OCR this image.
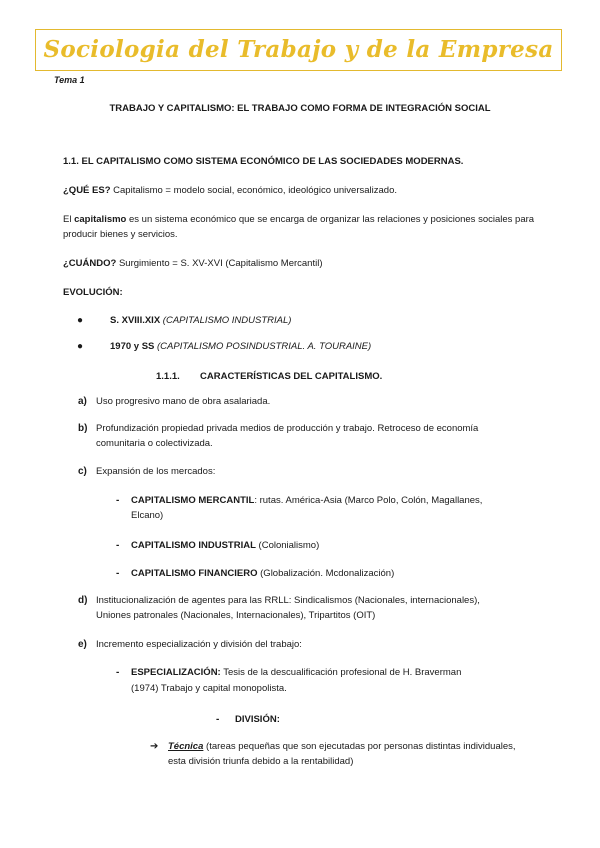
Sociologia del Trabajo y de la Empresa
Tema 1
TRABAJO Y CAPITALISMO: EL TRABAJO COMO FORMA DE INTEGRACIÓN SOCIAL
1.1. EL CAPITALISMO COMO SISTEMA ECONÓMICO DE LAS SOCIEDADES MODERNAS.
¿QUÉ ES? Capitalismo = modelo social, económico, ideológico universalizado.
El capitalismo es un sistema económico que se encarga de organizar las relaciones y posiciones sociales para
producir bienes y servicios.
¿CUÁNDO? Surgimiento = S. XV-XVI (Capitalismo Mercantil)
EVOLUCIÓN:
●	S. XVIII.XIX (CAPITALISMO INDUSTRIAL)
●	1970 y SS (CAPITALISMO POSINDUSTRIAL. A. TOURAINE)
1.1.1. CARACTERÍSTICAS DEL CAPITALISMO.
a) Uso progresivo mano de obra asalariada.
b) Profundización propiedad privada medios de producción y trabajo. Retroceso de economía
comunitaria o colectivizada.
c) Expansión de los mercados:
- CAPITALISMO MERCANTIL: rutas. América-Asia (Marco Polo, Colón, Magallanes,
Elcano)
- CAPITALISMO INDUSTRIAL (Colonialismo)
- CAPITALISMO FINANCIERO (Globalización. Mcdonalización)
d) Institucionalización de agentes para las RRLL: Sindicalismos (Nacionales, internacionales),
Uniones patronales (Nacionales, Internacionales), Tripartitos (OIT)
e) Incremento especialización y división del trabajo:
- ESPECIALIZACIÓN: Tesis de la descualificación profesional de H. Braverman
(1974) Trabajo y capital monopolista.
- DIVISIÓN:
➔ Técnica (tareas pequeñas que son ejecutadas por personas distintas individuales,
esta división triunfa debido a la rentabilidad)
